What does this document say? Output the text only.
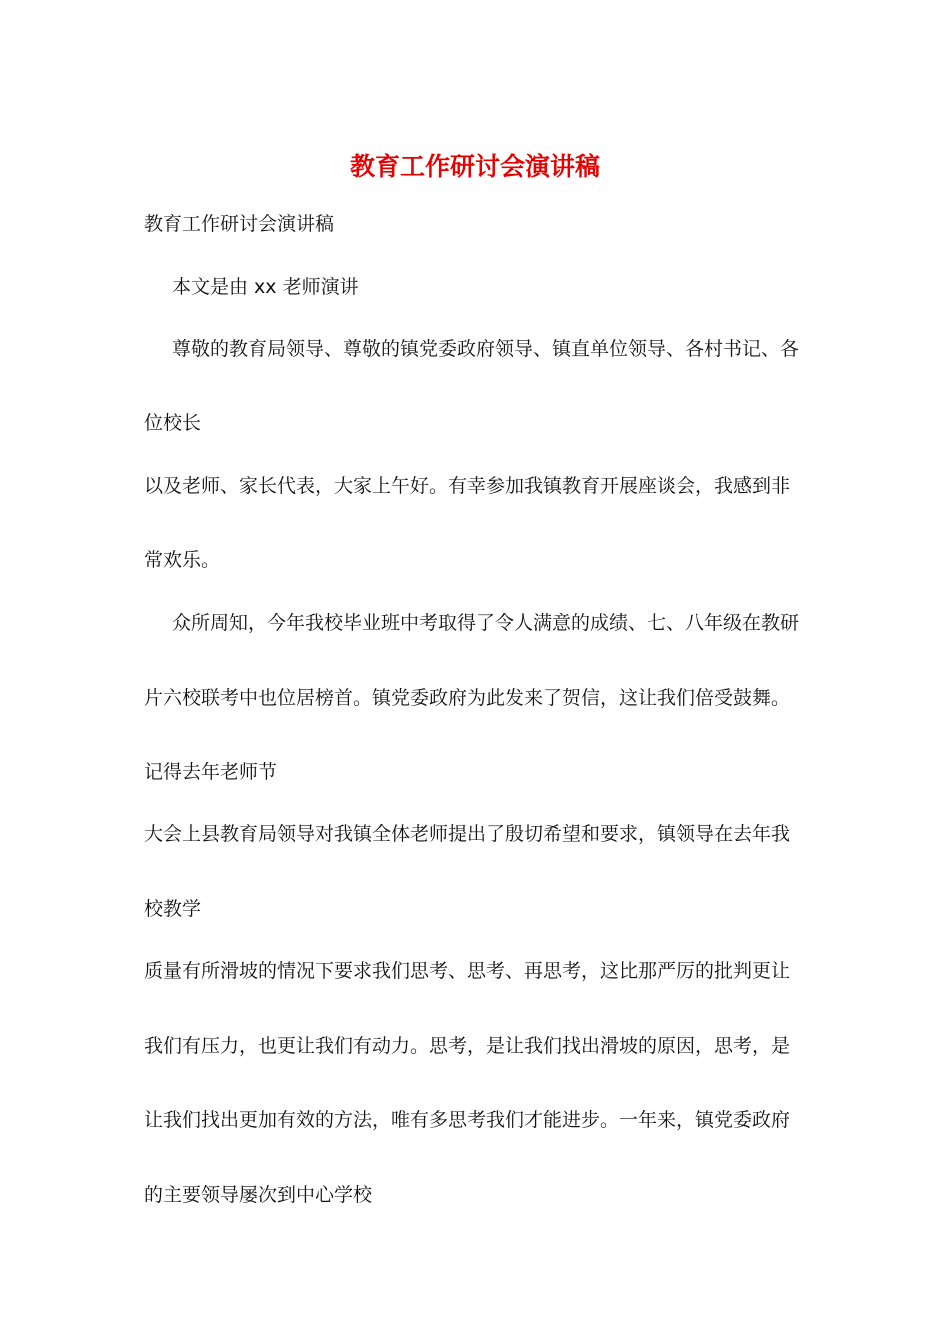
教育工作研讨会演讲稿

教育工作研讨会演讲稿

本文是由 xx 老师演讲

尊敬的教育局领导、尊敬的镇党委政府领导、镇直单位领导、各村书记、各

位校长

以及老师、家长代表，大家上午好。有幸参加我镇教育开展座谈会，我感到非

常欢乐。

众所周知，今年我校毕业班中考取得了令人满意的成绩、七、八年级在教研

片六校联考中也位居榜首。镇党委政府为此发来了贺信，这让我们倍受鼓舞。

记得去年老师节

大会上县教育局领导对我镇全体老师提出了殷切希望和要求，镇领导在去年我

校教学

质量有所滑坡的情况下要求我们思考、思考、再思考，这比那严厉的批判更让

我们有压力，也更让我们有动力。思考，是让我们找出滑坡的原因，思考，是

让我们找出更加有效的方法，唯有多思考我们才能进步。一年来，镇党委政府

的主要领导屡次到中心学校
